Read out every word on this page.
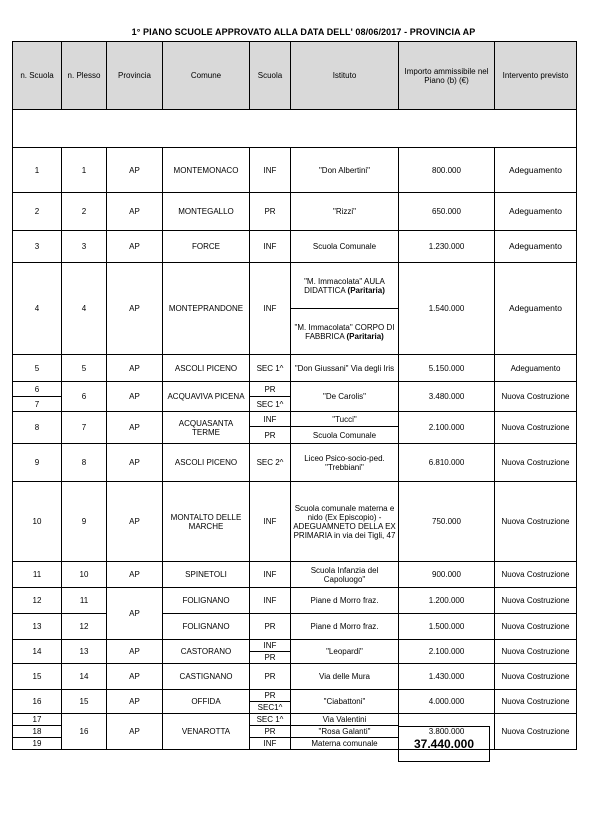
1° PIANO SCUOLE APPROVATO ALLA DATA DELL' 08/06/2017 - PROVINCIA AP
n. Scuola	n. Plesso	Provincia	Comune	Scuola	Istituto	Importo ammissibile nel Piano (b) (€)	Intervento previsto

1	1	AP	MONTEMONACO	INF	"Don Albertini"	800.000	Adeguamento
2	2	AP	MONTEGALLO	PR	"Rizzi"	650.000	Adeguamento
3	3	AP	FORCE	INF	Scuola Comunale	1.230.000	Adeguamento
4	4	AP	MONTEPRANDONE	INF	"M. Immacolata" AULA DIDATTICA (Paritaria)	1.540.000	Adeguamento
					"M. Immacolata" CORPO DI FABBRICA (Paritaria)		
5	5	AP	ASCOLI PICENO	SEC 1^	"Don Giussani" Via degli Iris	5.150.000	Adeguamento
6	6	AP	ACQUAVIVA PICENA	PR	"De Carolis"	3.480.000	Nuova Costruzione
7				SEC 1^			
8	7	AP	ACQUASANTA TERME	INF	"Tucci"	2.100.000	Nuova Costruzione
				PR	Scuola Comunale		
9	8	AP	ASCOLI PICENO	SEC 2^	Liceo Psico-socio-ped. "Trebbiani"	6.810.000	Nuova Costruzione
10	9	AP	MONTALTO DELLE MARCHE	INF	Scuola comunale materna e nido (Ex Episcopio) - ADEGUAMNETO DELLA EX PRIMARIA in via dei Tigli, 47	750.000	Nuova Costruzione
11	10	AP	SPINETOLI	INF	Scuola Infanzia del Capoluogo"	900.000	Nuova Costruzione
12	11	AP	FOLIGNANO	INF	Piane d Morro fraz.	1.200.000	Nuova Costruzione
13	12		FOLIGNANO	PR	Piane d Morro fraz.	1.500.000	Nuova Costruzione
14	13	AP	CASTORANO	INF	"Leopardi"	2.100.000	Nuova Costruzione
				PR			
15	14	AP	CASTIGNANO	PR	Via delle Mura	1.430.000	Nuova Costruzione
16	15	AP	OFFIDA	PR	"Ciabattoni"	4.000.000	Nuova Costruzione
				SEC1^			
17	16	AP	VENAROTTA	SEC 1^	Via Valentini	3.800.000	Nuova Costruzione
18				PR	"Rosa Galanti"		
19				INF	Materna comunale			37.440.000
